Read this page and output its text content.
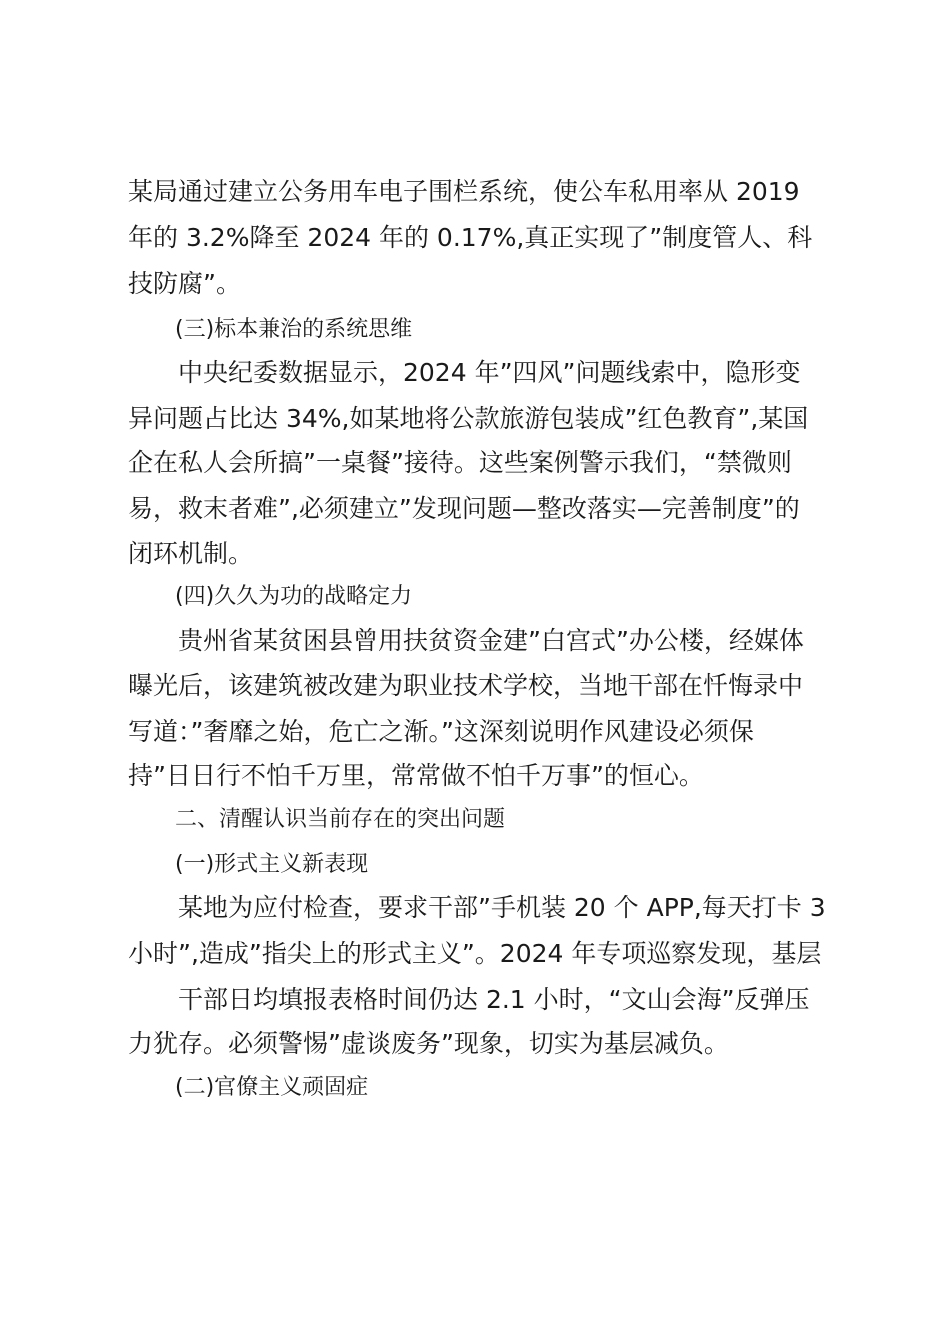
某局通过建立公务用车电子围栏系统，使公车私用率从 2019
年的 3.2%降至 2024 年的 0.17%,真正实现了”制度管人、科
技防腐”。
(三)标本兼治的系统思维
中央纪委数据显示，2024 年”四风”问题线索中，隐形变
异问题占比达 34%,如某地将公款旅游包装成”红色教育”,某国
企在私人会所搞”一桌餐”接待。这些案例警示我们，“禁微则
易，救末者难”,必须建立”发现问题—整改落实—完善制度”的
闭环机制。
(四)久久为功的战略定力
贵州省某贫困县曾用扶贫资金建”白宫式”办公楼，经媒体
曝光后，该建筑被改建为职业技术学校，当地干部在忏悔录中
写道：”奢靡之始，危亡之渐。”这深刻说明作风建设必须保
持”日日行不怕千万里，常常做不怕千万事”的恒心。
二、清醒认识当前存在的突出问题
(一)形式主义新表现
某地为应付检查，要求干部”手机装 20 个 APP,每天打卡 3
小时”,造成”指尖上的形式主义”。2024 年专项巡察发现，基层
干部日均填报表格时间仍达 2.1 小时，“文山会海”反弹压
力犹存。必须警惕”虚谈废务”现象，切实为基层减负。
(二)官僚主义顽固症
